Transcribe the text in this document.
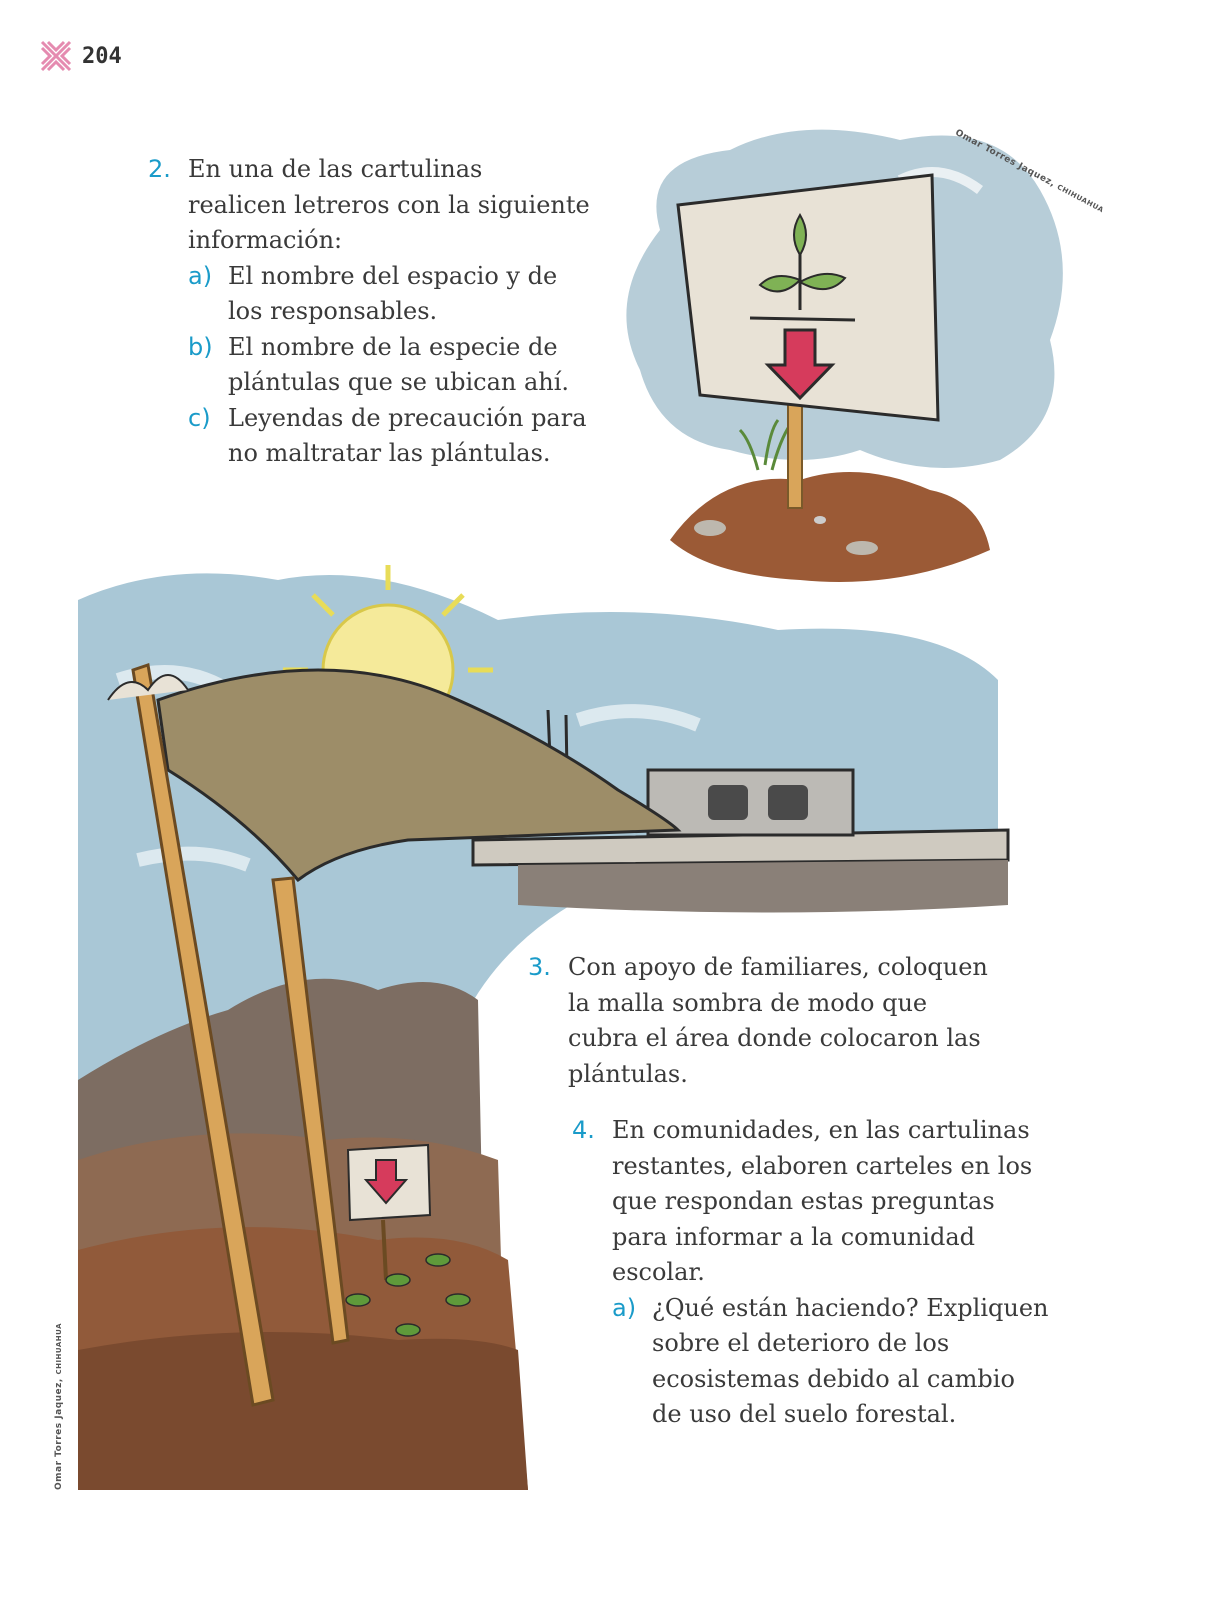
204
Omar Torres Jaquez, CHIHUAHUA
Omar Torres Jaquez, CHIHUAHUA
2. En una de las cartulinas
realicen letreros con la siguiente
información:
a) El nombre del espacio y de
los responsables.
b) El nombre de la especie de
plántulas que se ubican ahí.
c) Leyendas de precaución para
no maltratar las plántulas.
3. Con apoyo de familiares, coloquen
la malla sombra de modo que
cubra el área donde colocaron las
plántulas.
4. En comunidades, en las cartulinas
restantes, elaboren carteles en los
que respondan estas preguntas
para informar a la comunidad
escolar.
a) ¿Qué están haciendo? Expliquen
sobre el deterioro de los
ecosistemas debido al cambio
de uso del suelo forestal.
